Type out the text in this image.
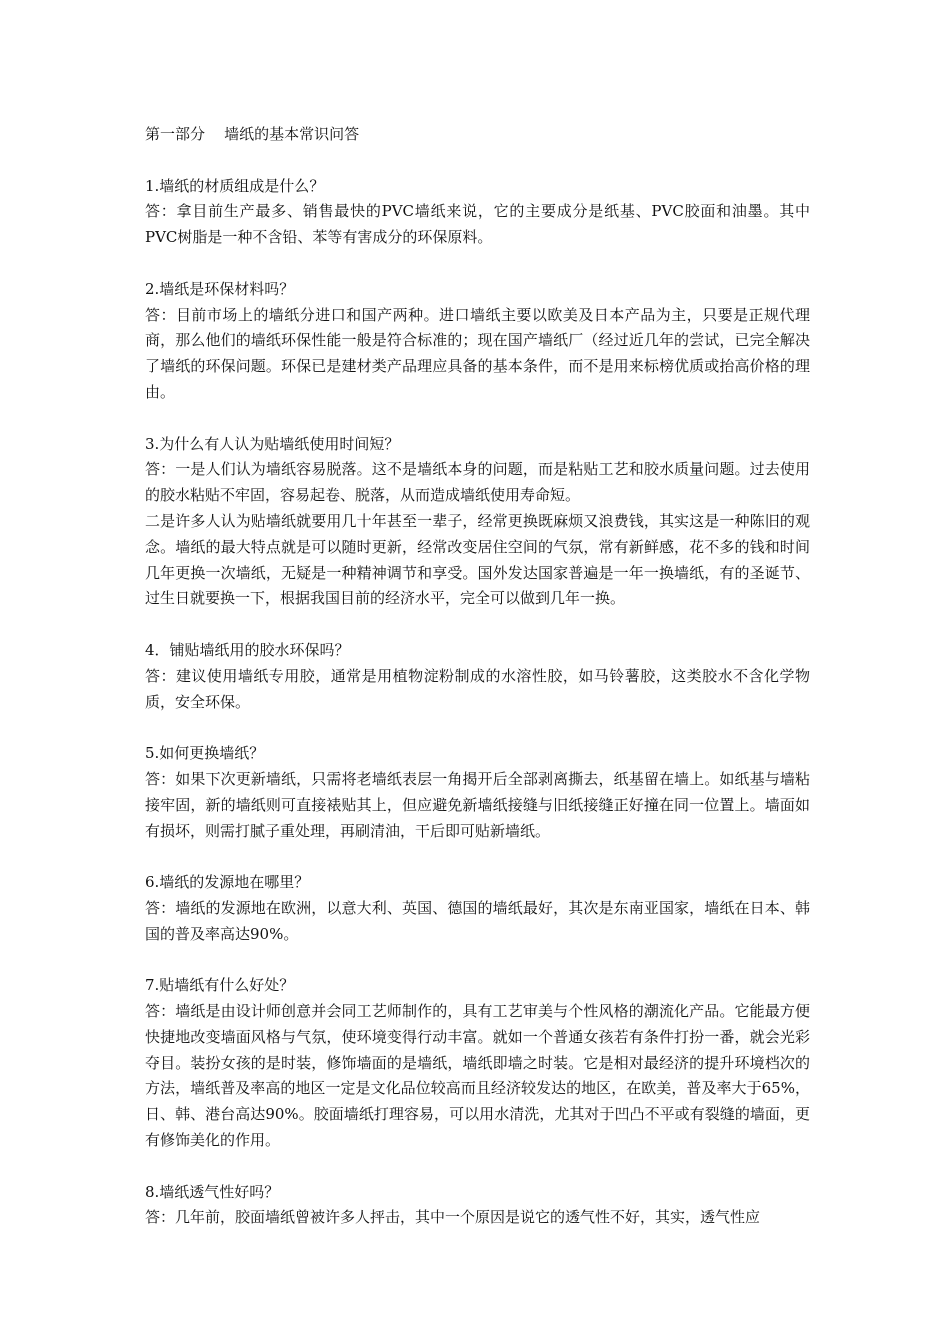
第一部分    墙纸的基本常识问答

1.墙纸的材质组成是什么？

答：拿目前生产最多、销售最快的PVC墙纸来说，它的主要成分是纸基、PVC胶面和油墨。其中PVC树脂是一种不含铅、苯等有害成分的环保原料。

2.墙纸是环保材料吗？

答：目前市场上的墙纸分进口和国产两种。进口墙纸主要以欧美及日本产品为主，只要是正规代理商，那么他们的墙纸环保性能一般是符合标准的；现在国产墙纸厂（经过近几年的尝试，已完全解决了墙纸的环保问题。环保已是建材类产品理应具备的基本条件，而不是用来标榜优质或抬高价格的理由。

3.为什么有人认为贴墙纸使用时间短？

答：一是人们认为墙纸容易脱落。这不是墙纸本身的问题，而是粘贴工艺和胶水质量问题。过去使用的胶水粘贴不牢固，容易起卷、脱落，从而造成墙纸使用寿命短。

二是许多人认为贴墙纸就要用几十年甚至一辈子，经常更换既麻烦又浪费钱，其实这是一种陈旧的观念。墙纸的最大特点就是可以随时更新，经常改变居住空间的气氛，常有新鲜感，花不多的钱和时间几年更换一次墙纸，无疑是一种精神调节和享受。国外发达国家普遍是一年一换墙纸，有的圣诞节、过生日就要换一下，根据我国目前的经济水平，完全可以做到几年一换。

4．铺贴墙纸用的胶水环保吗？

答：建议使用墙纸专用胶，通常是用植物淀粉制成的水溶性胶，如马铃薯胶，这类胶水不含化学物质，安全环保。

5.如何更换墙纸？

答：如果下次更新墙纸，只需将老墙纸表层一角揭开后全部剥离撕去，纸基留在墙上。如纸基与墙粘接牢固，新的墙纸则可直接裱贴其上，但应避免新墙纸接缝与旧纸接缝正好撞在同一位置上。墙面如有损坏，则需打腻子重处理，再刷清油，干后即可贴新墙纸。

6.墙纸的发源地在哪里？

答：墙纸的发源地在欧洲，以意大利、英国、德国的墙纸最好，其次是东南亚国家，墙纸在日本、韩国的普及率高达90%。

7.贴墙纸有什么好处？

答：墙纸是由设计师创意并会同工艺师制作的，具有工艺审美与个性风格的潮流化产品。它能最方便快捷地改变墙面风格与气氛，使环境变得行动丰富。就如一个普通女孩若有条件打扮一番，就会光彩夺目。装扮女孩的是时装，修饰墙面的是墙纸，墙纸即墙之时装。它是相对最经济的提升环境档次的方法，墙纸普及率高的地区一定是文化品位较高而且经济较发达的地区，在欧美，普及率大于65%，日、韩、港台高达90%。胶面墙纸打理容易，可以用水清洗，尤其对于凹凸不平或有裂缝的墙面，更有修饰美化的作用。

8.墙纸透气性好吗？

答：几年前，胶面墙纸曾被许多人抨击，其中一个原因是说它的透气性不好，其实，透气性应
